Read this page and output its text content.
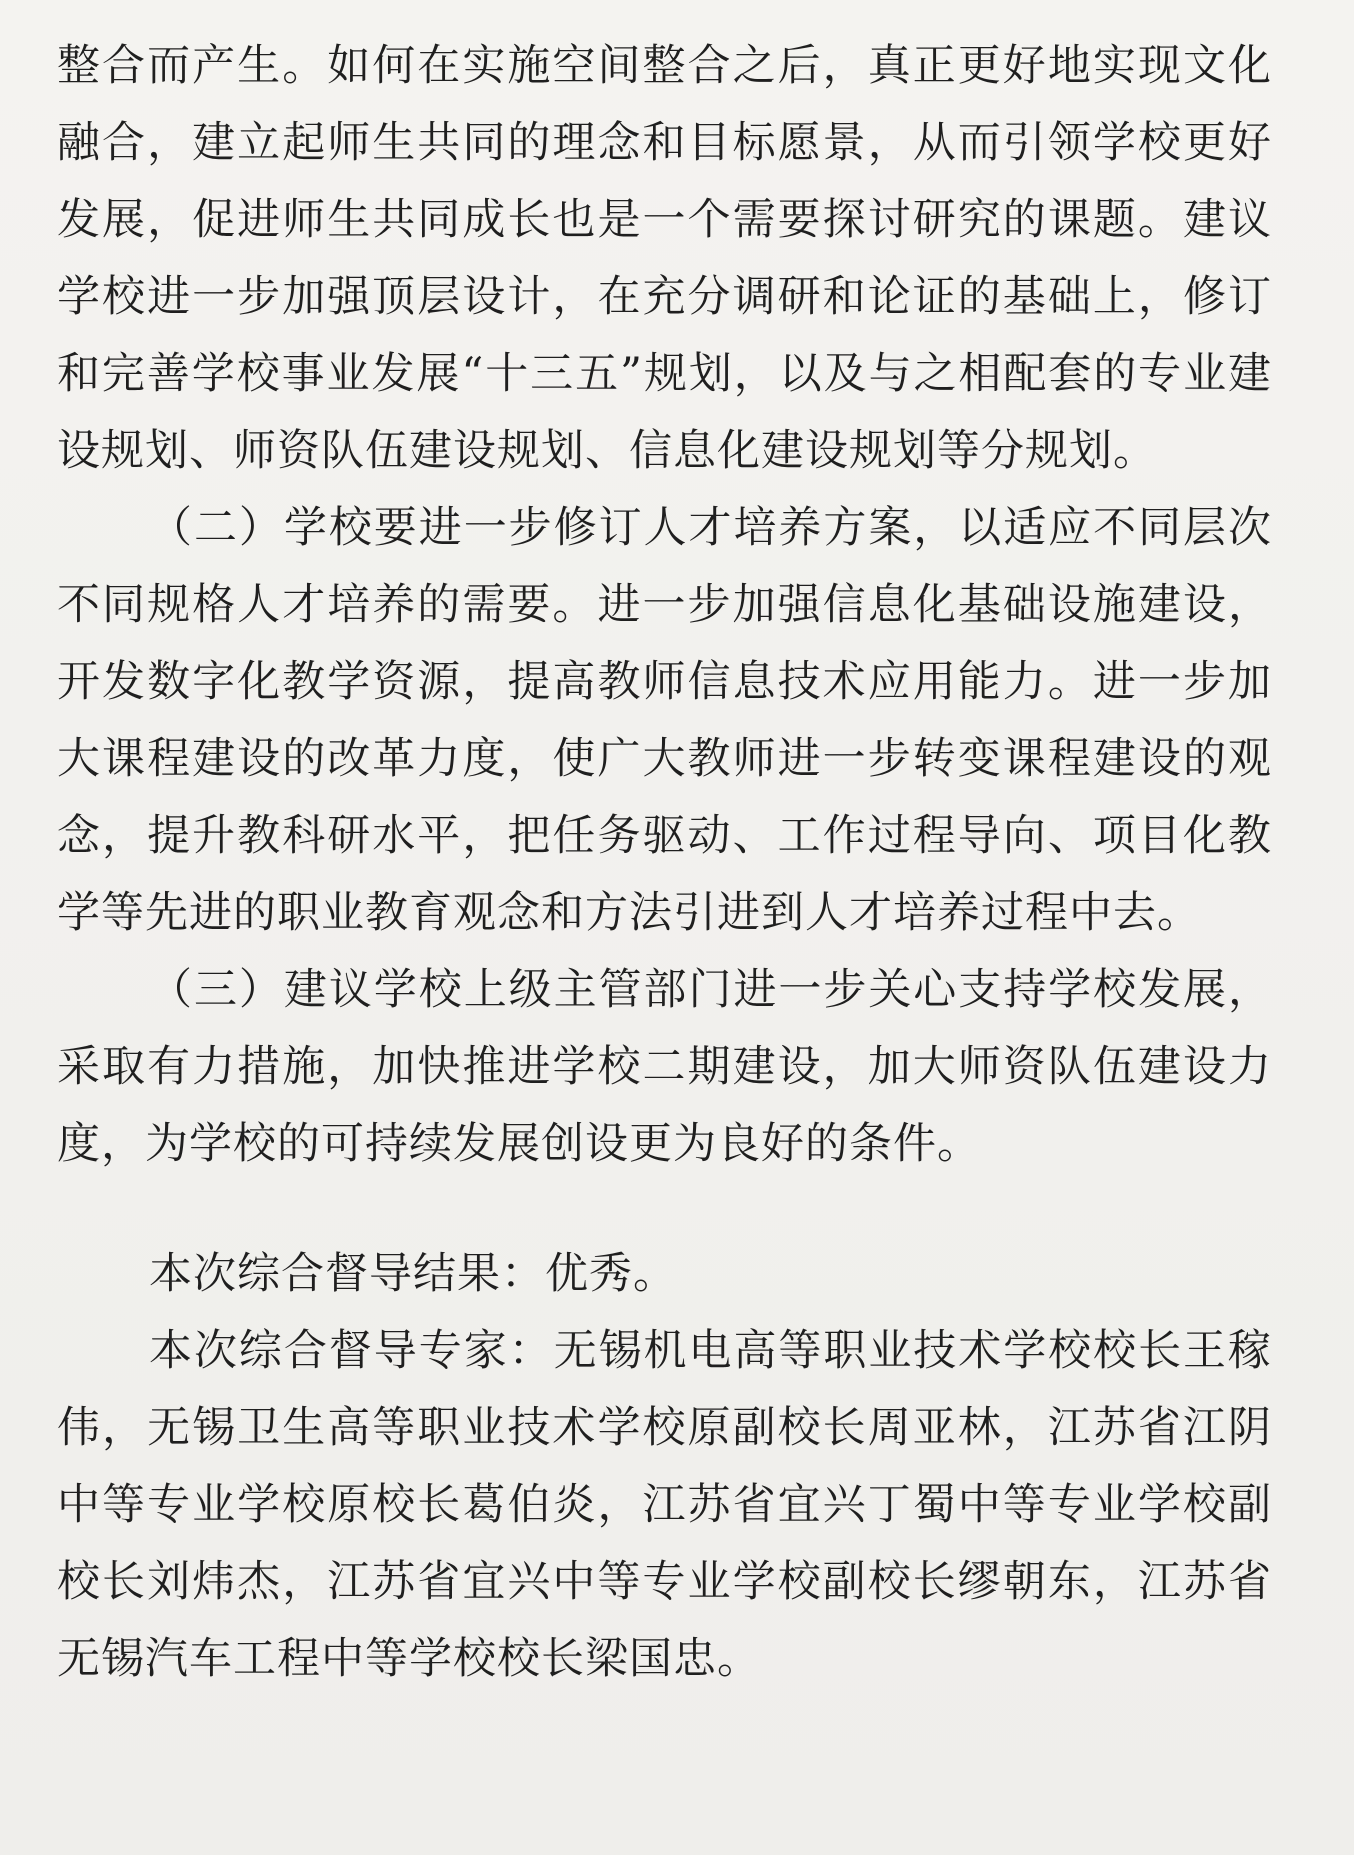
整合而产生。如何在实施空间整合之后，真正更好地实现文化融合，建立起师生共同的理念和目标愿景，从而引领学校更好发展，促进师生共同成长也是一个需要探讨研究的课题。建议学校进一步加强顶层设计，在充分调研和论证的基础上，修订和完善学校事业发展“十三五”规划，以及与之相配套的专业建设规划、师资队伍建设规划、信息化建设规划等分规划。

（二）学校要进一步修订人才培养方案，以适应不同层次不同规格人才培养的需要。进一步加强信息化基础设施建设，开发数字化教学资源，提高教师信息技术应用能力。进一步加大课程建设的改革力度，使广大教师进一步转变课程建设的观念，提升教科研水平，把任务驱动、工作过程导向、项目化教学等先进的职业教育观念和方法引进到人才培养过程中去。

（三）建议学校上级主管部门进一步关心支持学校发展，采取有力措施，加快推进学校二期建设，加大师资队伍建设力度，为学校的可持续发展创设更为良好的条件。

本次综合督导结果：优秀。

本次综合督导专家：无锡机电高等职业技术学校校长王稼伟，无锡卫生高等职业技术学校原副校长周亚林，江苏省江阴中等专业学校原校长葛伯炎，江苏省宜兴丁蜀中等专业学校副校长刘炜杰，江苏省宜兴中等专业学校副校长缪朝东，江苏省无锡汽车工程中等学校校长梁国忠。
